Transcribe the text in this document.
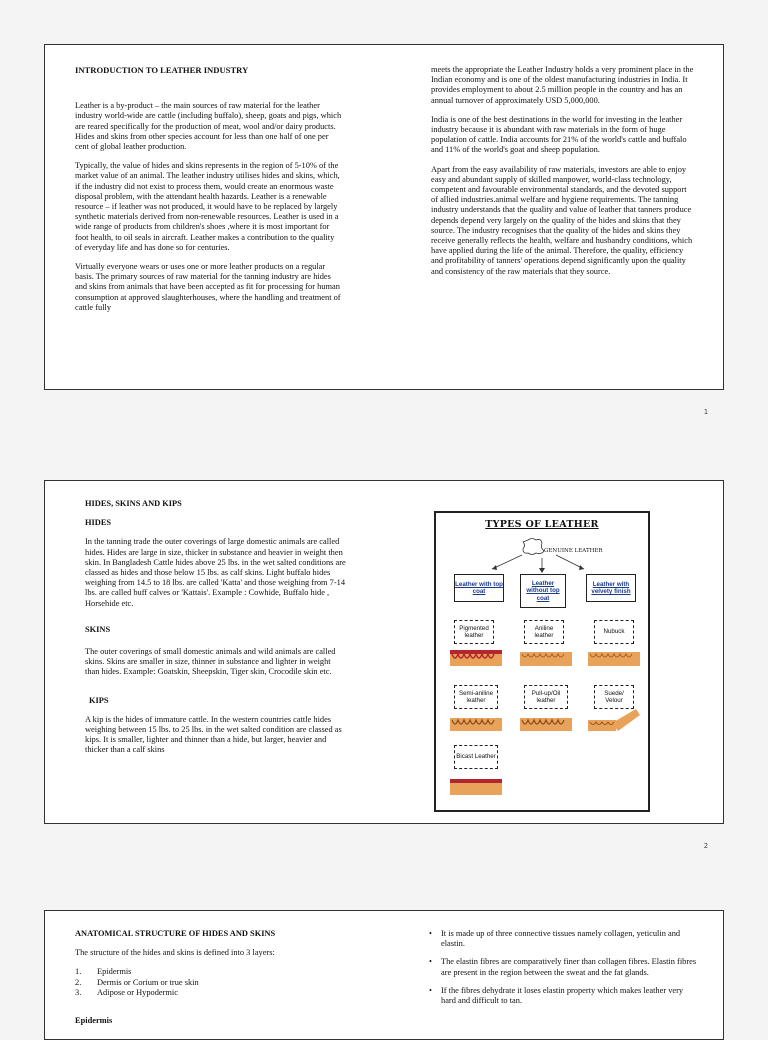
INTRODUCTION TO LEATHER INDUSTRY

Leather is a by-product – the main sources of raw material for the leather industry world-wide are cattle (including buffalo), sheep, goats and pigs, which are reared specifically for the production of meat, wool and/or dairy products. Hides and skins from other species account for less than one half of one per cent of global leather production.

Typically, the value of hides and skins represents in the region of 5-10% of the market value of an animal. The leather industry utilises hides and skins, which, if the industry did not exist to process them, would create an enormous waste disposal problem, with the attendant health hazards. Leather is a renewable resource – if leather was not produced, it would have to be replaced by largely synthetic materials derived from non-renewable resources. Leather is used in a wide range of products from children's shoes ,where it is most important for foot health, to oil seals in aircraft. Leather makes a contribution to the quality of everyday life and has done so for centuries.

Virtually everyone wears or uses one or more leather products on a regular basis. The primary sources of raw material for the tanning industry are hides and skins from animals that have been accepted as fit for processing for human consumption at approved slaughterhouses, where the handling and treatment of cattle fully

meets the appropriate the Leather Industry holds a very prominent place in the Indian economy and is one of the oldest manufacturing industries in India. It provides employment to about 2.5 million people in the country and has an annual turnover of approximately USD 5,000,000.

India is one of the best destinations in the world for investing in the leather industry because it is abundant with raw materials in the form of huge population of cattle. India accounts for 21% of the world's cattle and buffalo and 11% of the world's goat and sheep population.

Apart from the easy availability of raw materials, investors are able to enjoy easy and abundant supply of skilled manpower, world-class technology, competent and favourable environmental standards, and the devoted support of allied industries.animal welfare and hygiene requirements. The tanning industry understands that the quality and value of leather that tanners produce depends depend very largely on the quality of the hides and skins that they source. The industry recognises that the quality of the hides and skins they receive generally reflects the health, welfare and husbandry conditions, which have applied during the life of the animal. Therefore, the quality, efficiency and profitability of tanners' operations depend significantly upon the quality and consistency of the raw materials that they source.

1
HIDES, SKINS AND KIPS
HIDES

In the tanning trade the outer coverings of large domestic animals are called hides. Hides are large in size, thicker in substance and heavier in weight then skin. In Bangladesh Cattle hides above 25 lbs. in the wet salted conditions are classed as hides and those below 15 lbs. as calf skins. Light buffalo hides weighing from 14.5 to 18 lbs. are called 'Katta' and those weighing from 7-14 lbs. are called buff calves or 'Kattais'. Example : Cowhide, Buffalo hide , Horsehide etc.

SKINS

The outer coverings of small domestic animals and wild animals are called skins. Skins are smaller in size, thinner in substance and lighter in weight than hides. Example: Goatskin, Sheepskin, Tiger skin, Crocodile skin etc.

KIPS

A kip is the hides of immature cattle. In the western countries cattle hides weighing between 15 lbs. to 25 lbs. in the wet salted condition are classed as kips. It is smaller, lighter and thinner than a hide, but larger, heavier and thicker than a calf skins

TYPES OF LEATHER
GENUINE LEATHER
Leather with top coat
Leather without top coat
Leather with velvety finish
Pigmented leather
Aniline leather
Nubuck
Semi-aniline leather
Pull-up/Oil leather
Suede/ Velour
Bicast Leather
2
ANATOMICAL STRUCTURE OF HIDES AND SKINS

The structure of the hides and skins is defined into 3 layers:

1.	Epidermis
2.	Dermis or Corium or true skin
3.	Adipose or Hypodermic
Epidermis
•	It is made up of three connective tissues namely collagen, yeticulin and elastin.
•	The elastin fibres are comparatively finer than collagen fibres. Elastin fibres are present in the region between the sweat and the fat glands.
•	If the fibres dehydrate it loses elastin property which makes leather very hard and difficult to tan.
